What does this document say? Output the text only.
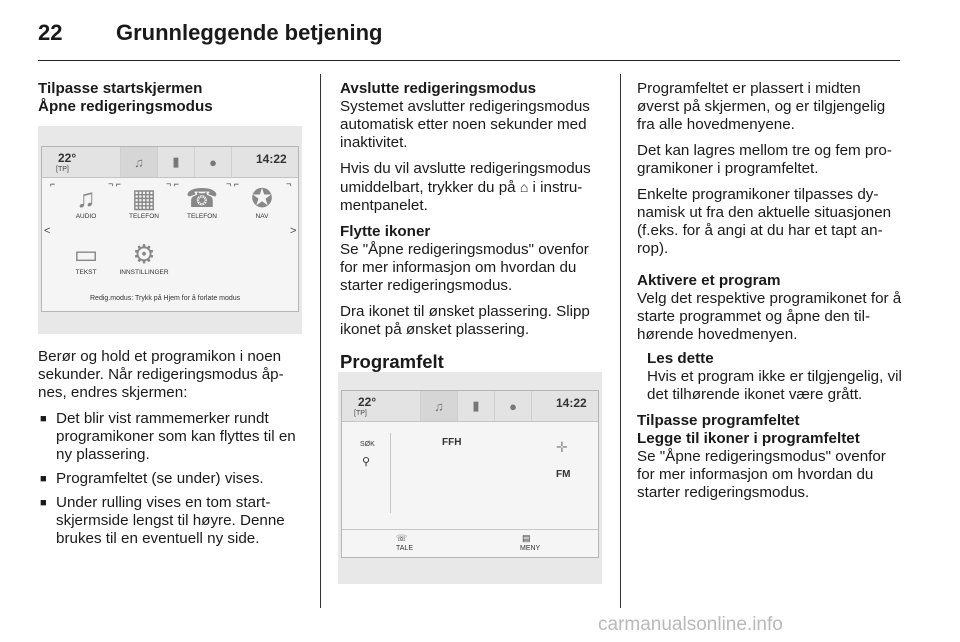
22 Grunnleggende betjening
Tilpasse startskjermen
Åpne redigeringsmodus
22°
[TP]	♫	▮	●	14:22
<	>
♫
AUDIO
▦
TELEFON
☎
TELEFON
✪
NAV
▭
TEKST
⚙
INNSTILLINGER
⌐	¬ ⌐	¬ ⌐	¬ ⌐	¬
Redig.modus: Trykk på Hjem for å forlate modus

Berør og hold et programikon i noen sekunder. Når redigeringsmodus åp-nes, endres skjermen:

■ Det blir vist rammemerker rundt programikoner som kan flyttes til en ny plassering.
■ Programfeltet (se under) vises.
■ Under rulling vises en tom start-skjermside lengst til høyre. Denne brukes til en eventuell ny side.
Avslutte redigeringsmodus

Systemet avslutter redigeringsmodus automatisk etter noen sekunder med inaktivitet.

Hvis du vil avslutte redigeringsmodus umiddelbart, trykker du på ⌂ i instru-mentpanelet.

Flytte ikoner

Se "Åpne redigeringsmodus" ovenfor for mer informasjon om hvordan du starter redigeringsmodus.

Dra ikonet til ønsket plassering. Slipp ikonet på ønsket plassering.

Programfelt
22°
[TP]	♫	▮	●	14:22
SØK
⚲
FFH	✛
FM
☏
TALE
▤
MENY

Programfeltet er plassert i midten øverst på skjermen, og er tilgjengelig fra alle hovedmenyene.

Det kan lagres mellom tre og fem pro-gramikoner i programfeltet.

Enkelte programikoner tilpasses dy-namisk ut fra den aktuelle situasjonen (f.eks. for å angi at du har et tapt an-rop).

Aktivere et program

Velg det respektive programikonet for å starte programmet og åpne den til-hørende hovedmenyen.

Les dette

Hvis et program ikke er tilgjengelig, vil det tilhørende ikonet være grått.

Tilpasse programfeltet
Legge til ikoner i programfeltet

Se "Åpne redigeringsmodus" ovenfor for mer informasjon om hvordan du starter redigeringsmodus.

carmanualsonline.info
